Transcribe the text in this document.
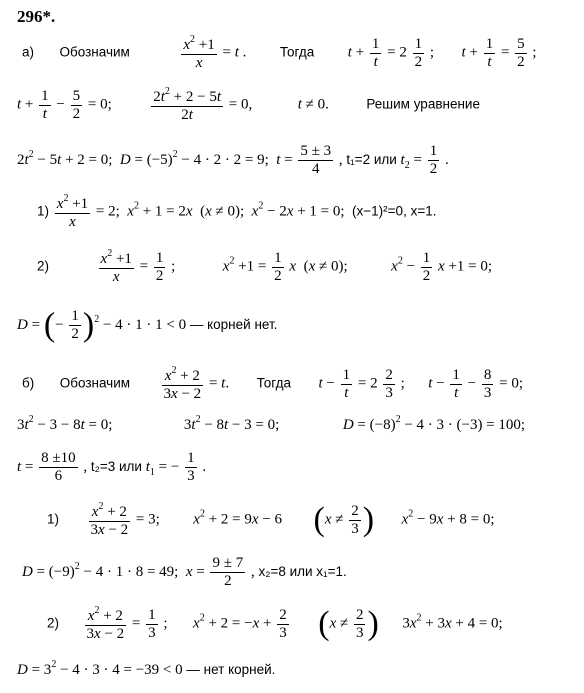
296*.
а) Обозначим	$\frac{x^2 +1}{x} = t$ .  Тогда $t + \frac{1}{t} = 2 \frac{1}{2}$ ;  $t + \frac{1}{t} = \frac{5}{2}$ ;
$t + \frac{1}{t} - \frac{5}{2} = 0$; $\frac{2t^2 + 2 - 5t}{2t} = 0$,	t ≠ 0.	Решим уравнение
$2t^2 - 5t + 2 = 0$;  $D = (-5)^2 - 4 \cdot 2 \cdot 2 = 9$;  $t = \frac{5 \pm 3}{4}$ , t₁=2 или $t_2 = \frac{1}{2}$ .
$1) \frac{x^2 +1}{x} = 2$;  $x^2 + 1 = 2x$  (x ≠ 0);  $x^2 - 2x + 1 = 0$;  (x−1)²=0, x=1.
2)	$\frac{x^2 +1}{x} = \frac{1}{2}$ ;	$x^2 +1 = \frac{1}{2}$ x  (x ≠ 0);	$x^2 - \frac{1}{2}$ x +1 = 0;
D = (− $\frac{1}{2} )^2 - 4 \cdot 1 \cdot 1 < 0$ — корней нет.
б) Обозначим $\frac{x^2 + 2}{3x - 2} = t$.  Тогда $t - \frac{1}{t} = 2 \frac{2}{3}$ ;  $t - \frac{1}{t} - \frac{8}{3} = 0$;
$3t^2 - 3 - 8t = 0$;	$3t^2 - 8t - 3 = 0$;	$D = (-8)^2 - 4 \cdot 3 \cdot (-3) = 100$;
$t = \frac{8 \pm 10}{6}$ , t₂=3 или $t_1$ = − $\frac{1}{3}$ .
$1) \frac{x^2 + 2}{3x - 2} = 3$;  $x^2 + 2 = 9x - 6$  ($x \ne \frac{2}{3}$ ) $x^2 - 9x + 8 = 0$;
$D = (-9)^2 - 4 \cdot 1 \cdot 8 = 49$;  $x = \frac{9 \pm 7}{2}$ , x₂=8 или x₁=1.
$2) \frac{x^2 + 2}{3x - 2} = \frac{1}{3}$ ;  $x^2 + 2 = -x + \frac{2}{3} (x \ne \frac{2}{3}$ )  $3x^2 + 3x + 4 = 0$;
$D = 3^2 - 4 \cdot 3 \cdot 4 = -39 < 0$ — нет корней.
